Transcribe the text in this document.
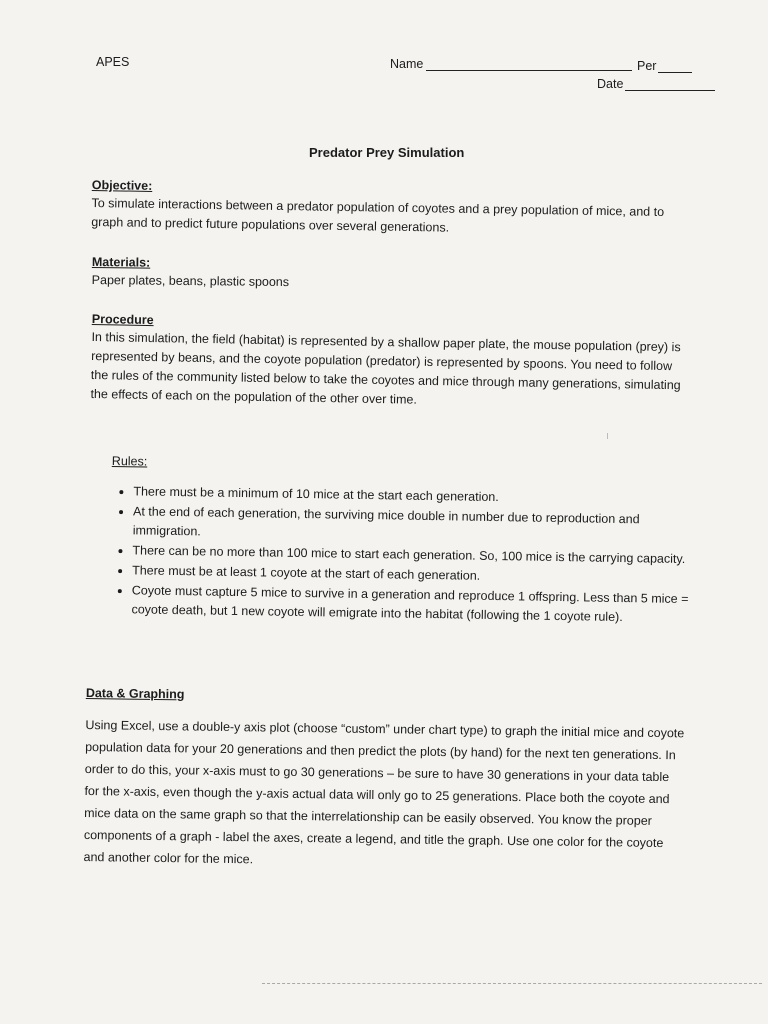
APES	Name	Per
Date
Predator Prey Simulation
Objective:

To simulate interactions between a predator population of coyotes and a prey population of mice, and to graph and to predict future populations over several generations.

Materials:

Paper plates, beans, plastic spoons

Procedure

In this simulation, the field (habitat) is represented by a shallow paper plate, the mouse population (prey) is represented by beans, and the coyote population (predator) is represented by spoons. You need to follow the rules of the community listed below to take the coyotes and mice through many generations, simulating the effects of each on the population of the other over time.

Rules:
• There must be a minimum of 10 mice at the start each generation.
• At the end of each generation, the surviving mice double in number due to reproduction and immigration.
• There can be no more than 100 mice to start each generation. So, 100 mice is the carrying capacity.
• There must be at least 1 coyote at the start of each generation.
• Coyote must capture 5 mice to survive in a generation and reproduce 1 offspring. Less than 5 mice = coyote death, but 1 new coyote will emigrate into the habitat (following the 1 coyote rule).
Data & Graphing

Using Excel, use a double-y axis plot (choose “custom” under chart type) to graph the initial mice and coyote population data for your 20 generations and then predict the plots (by hand) for the next ten generations. In order to do this, your x-axis must to go 30 generations – be sure to have 30 generations in your data table for the x-axis, even though the y-axis actual data will only go to 25 generations. Place both the coyote and mice data on the same graph so that the interrelationship can be easily observed. You know the proper components of a graph - label the axes, create a legend, and title the graph. Use one color for the coyote and another color for the mice.
